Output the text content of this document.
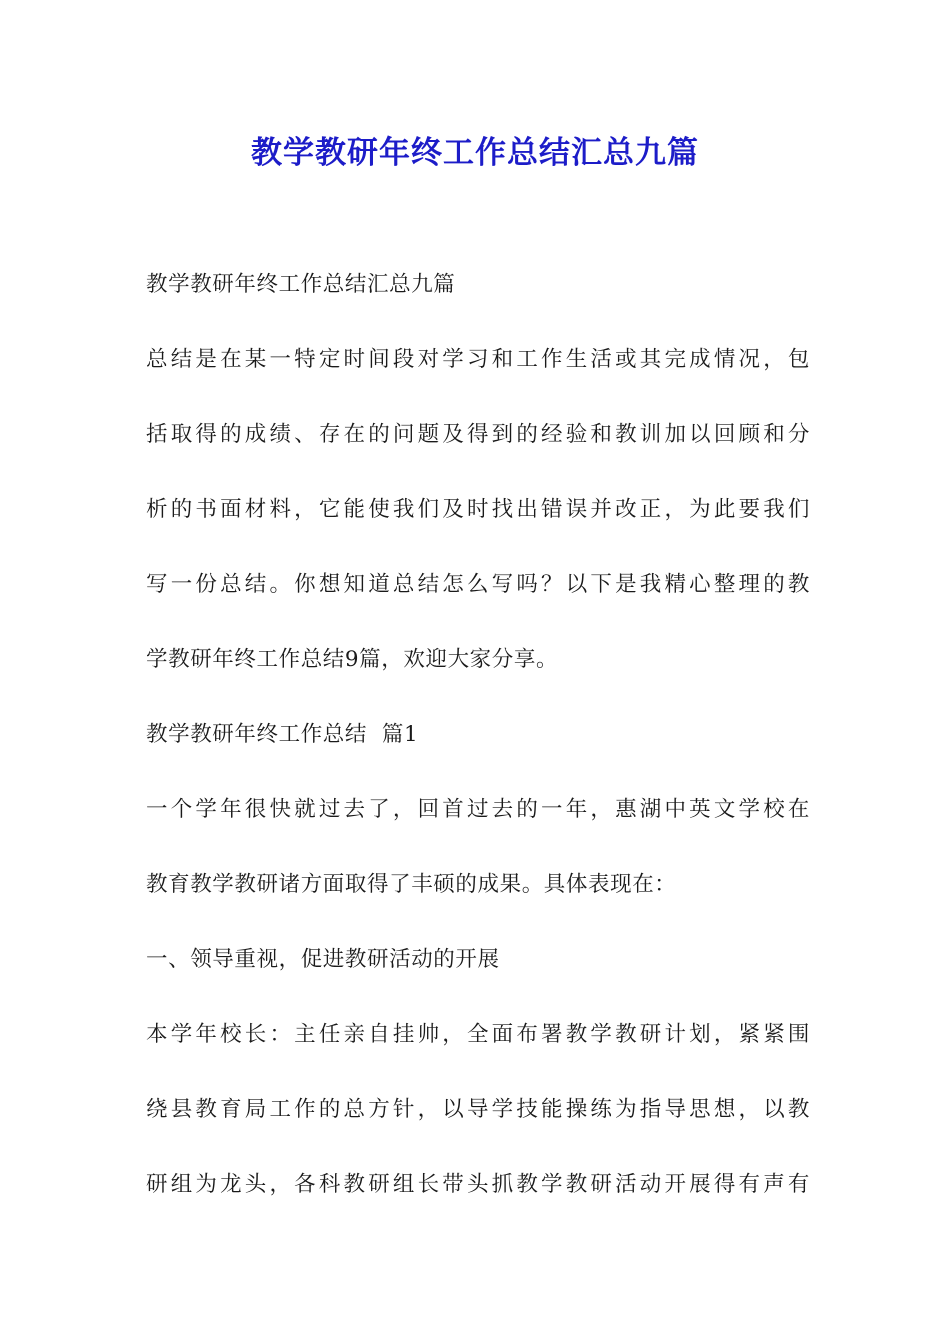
教学教研年终工作总结汇总九篇

教学教研年终工作总结汇总九篇

总结是在某一特定时间段对学习和工作生活或其完成情况，包

括取得的成绩、存在的问题及得到的经验和教训加以回顾和分

析的书面材料，它能使我们及时找出错误并改正，为此要我们

写一份总结。你想知道总结怎么写吗？以下是我精心整理的教

学教研年终工作总结9篇，欢迎大家分享。

教学教研年终工作总结  篇1

一个学年很快就过去了，回首过去的一年，惠湖中英文学校在

教育教学教研诸方面取得了丰硕的成果。具体表现在：

一、领导重视，促进教研活动的开展

本学年校长：主任亲自挂帅，全面布署教学教研计划，紧紧围

绕县教育局工作的总方针，以导学技能操练为指导思想，以教

研组为龙头，各科教研组长带头抓教学教研活动开展得有声有
